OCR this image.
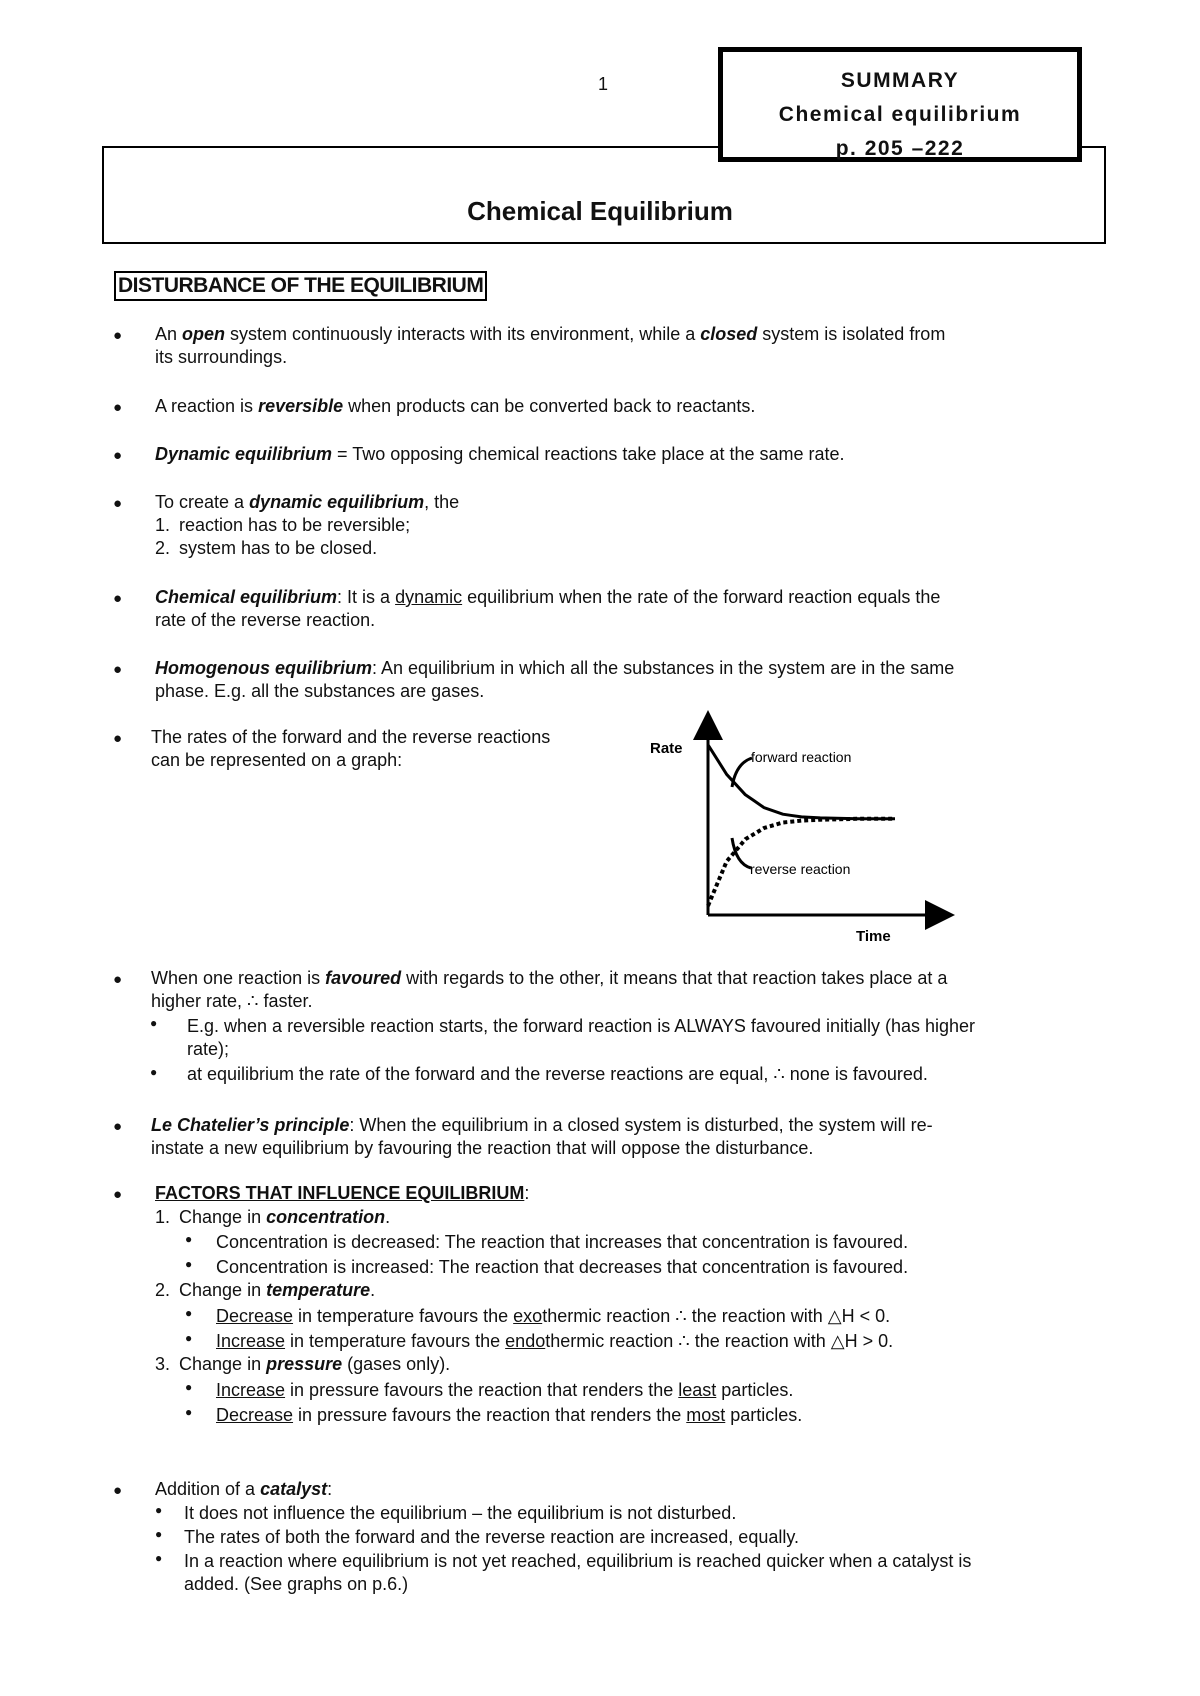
1
Chemical Equilibrium
SUMMARY
Chemical equilibrium
p. 205 –222
DISTURBANCE OF THE EQUILIBRIUM
● An open system continuously interacts with its environment, while a closed system is isolated from
its surroundings.
● A reaction is reversible when products can be converted back to reactants.
● Dynamic equilibrium = Two opposing chemical reactions take place at the same rate.
● To create a dynamic equilibrium, the
1. reaction has to be reversible;
2. system has to be closed.
● Chemical equilibrium: It is a dynamic equilibrium when the rate of the forward reaction equals the
rate of the reverse reaction.
● Homogenous equilibrium: An equilibrium in which all the substances in the system are in the same
phase. E.g. all the substances are gases.
● The rates of the forward and the reverse reactions
can be represented on a graph:
Rate
Time
forward reaction
reverse reaction
● When one reaction is favoured with regards to the other, it means that that reaction takes place at a
higher rate, ∴ faster.
● E.g. when a reversible reaction starts, the forward reaction is ALWAYS favoured initially (has higher
rate);
● at equilibrium the rate of the forward and the reverse reactions are equal, ∴ none is favoured.
● Le Chatelier’s principle: When the equilibrium in a closed system is disturbed, the system will re-
instate a new equilibrium by favouring the reaction that will oppose the disturbance.
● FACTORS THAT INFLUENCE EQUILIBRIUM:
1. Change in concentration.
● Concentration is decreased: The reaction that increases that concentration is favoured.
● Concentration is increased: The reaction that decreases that concentration is favoured.
2. Change in temperature.
● Decrease in temperature favours the exothermic reaction ∴ the reaction with △H < 0.
● Increase in temperature favours the endothermic reaction ∴ the reaction with △H > 0.
3. Change in pressure (gases only).
● Increase in pressure favours the reaction that renders the least particles.
● Decrease in pressure favours the reaction that renders the most particles.
● Addition of a catalyst:
● It does not influence the equilibrium – the equilibrium is not disturbed.
● The rates of both the forward and the reverse reaction are increased, equally.
● In a reaction where equilibrium is not yet reached, equilibrium is reached quicker when a catalyst is
added. (See graphs on p.6.)
